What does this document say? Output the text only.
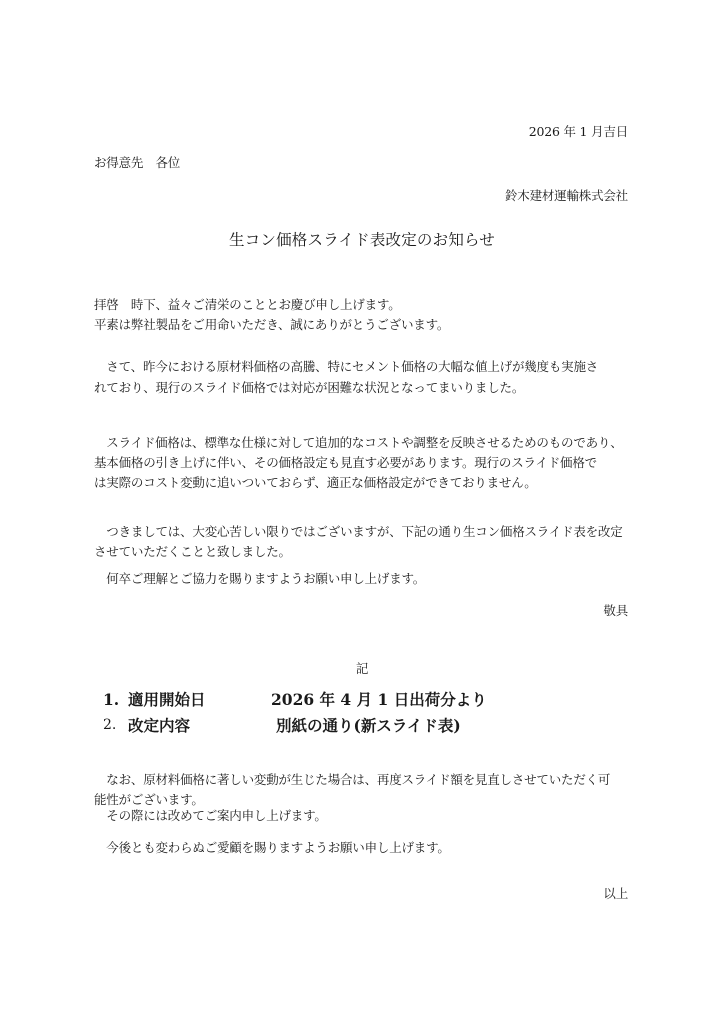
2026 年 1 月吉日
お得意先　各位
鈴木建材運輸株式会社
生コン価格スライド表改定のお知らせ
拝啓　時下、益々ご清栄のこととお慶び申し上げます。
平素は弊社製品をご用命いただき、誠にありがとうございます。
　さて、昨今における原材料価格の高騰、特にセメント価格の大幅な値上げが幾度も実施さ
れており、現行のスライド価格では対応が困難な状況となってまいりました。
　スライド価格は、標準な仕様に対して追加的なコストや調整を反映させるためのものであり、
基本価格の引き上げに伴い、その価格設定も見直す必要があります。現行のスライド価格で
は実際のコスト変動に追いついておらず、適正な価格設定ができておりません。
　つきましては、大変心苦しい限りではございますが、下記の通り生コン価格スライド表を改定
させていただくことと致しました。
　何卒ご理解とご協力を賜りますようお願い申し上げます。
敬具
記
1. 適用開始日	2026 年 4 月 1 日出荷分より
2. 改定内容	別紙の通り(新スライド表)
　なお、原材料価格に著しい変動が生じた場合は、再度スライド額を見直しさせていただく可
能性がございます。
　その際には改めてご案内申し上げます。
　今後とも変わらぬご愛顧を賜りますようお願い申し上げます。
以上
